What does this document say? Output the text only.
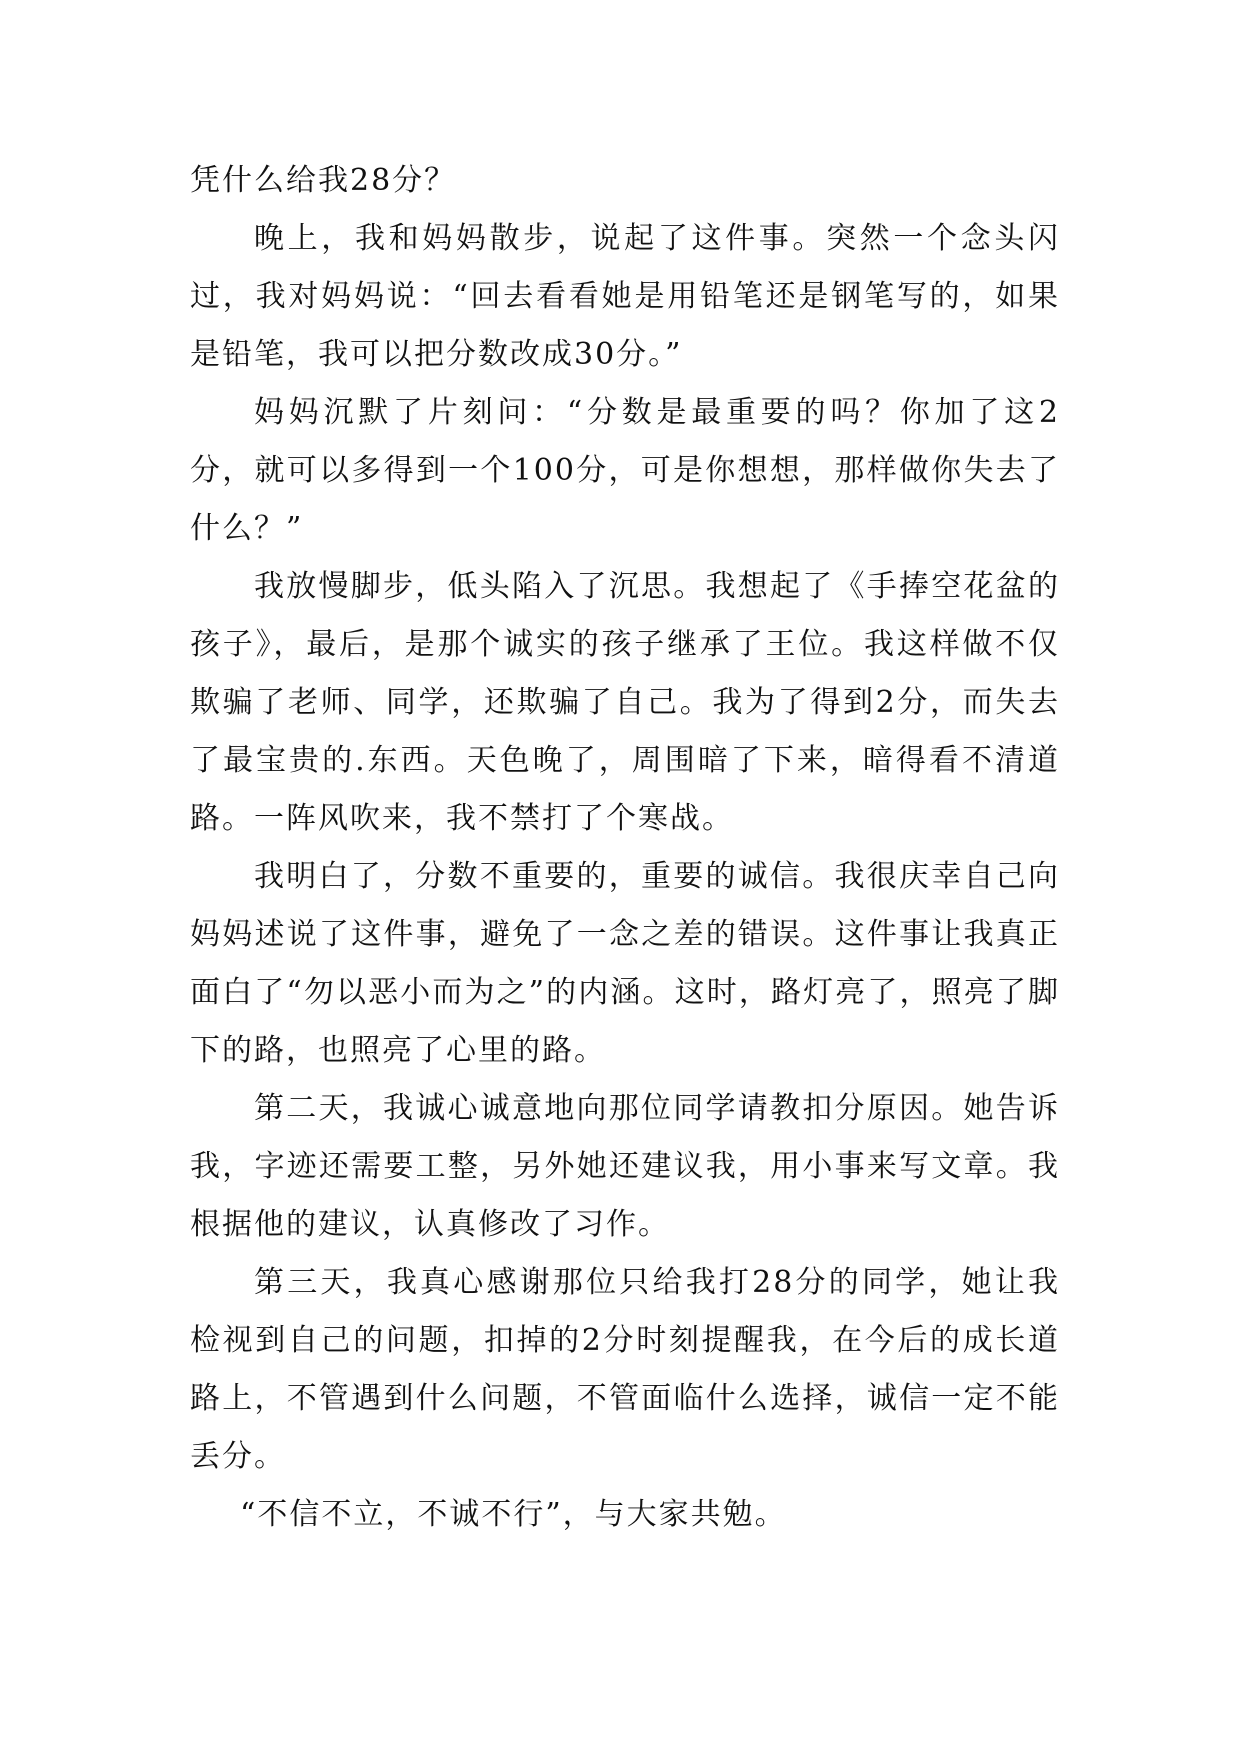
凭什么给我28分？

晚上，我和妈妈散步，说起了这件事。突然一个念头闪过，我对妈妈说：“回去看看她是用铅笔还是钢笔写的，如果是铅笔，我可以把分数改成30分。”

妈妈沉默了片刻问：“分数是最重要的吗？你加了这2分，就可以多得到一个100分，可是你想想，那样做你失去了什么？”

我放慢脚步，低头陷入了沉思。我想起了《手捧空花盆的孩子》，最后，是那个诚实的孩子继承了王位。我这样做不仅欺骗了老师、同学，还欺骗了自己。我为了得到2分，而失去了最宝贵的.东西。天色晚了，周围暗了下来，暗得看不清道路。一阵风吹来，我不禁打了个寒战。

我明白了，分数不重要的，重要的诚信。我很庆幸自己向妈妈述说了这件事，避免了一念之差的错误。这件事让我真正面白了“勿以恶小而为之”的内涵。这时，路灯亮了，照亮了脚下的路，也照亮了心里的路。

第二天，我诚心诚意地向那位同学请教扣分原因。她告诉我，字迹还需要工整，另外她还建议我，用小事来写文章。我根据他的建议，认真修改了习作。

第三天，我真心感谢那位只给我打28分的同学，她让我检视到自己的问题，扣掉的2分时刻提醒我，在今后的成长道路上，不管遇到什么问题，不管面临什么选择，诚信一定不能丢分。

“不信不立，不诚不行”，与大家共勉。
